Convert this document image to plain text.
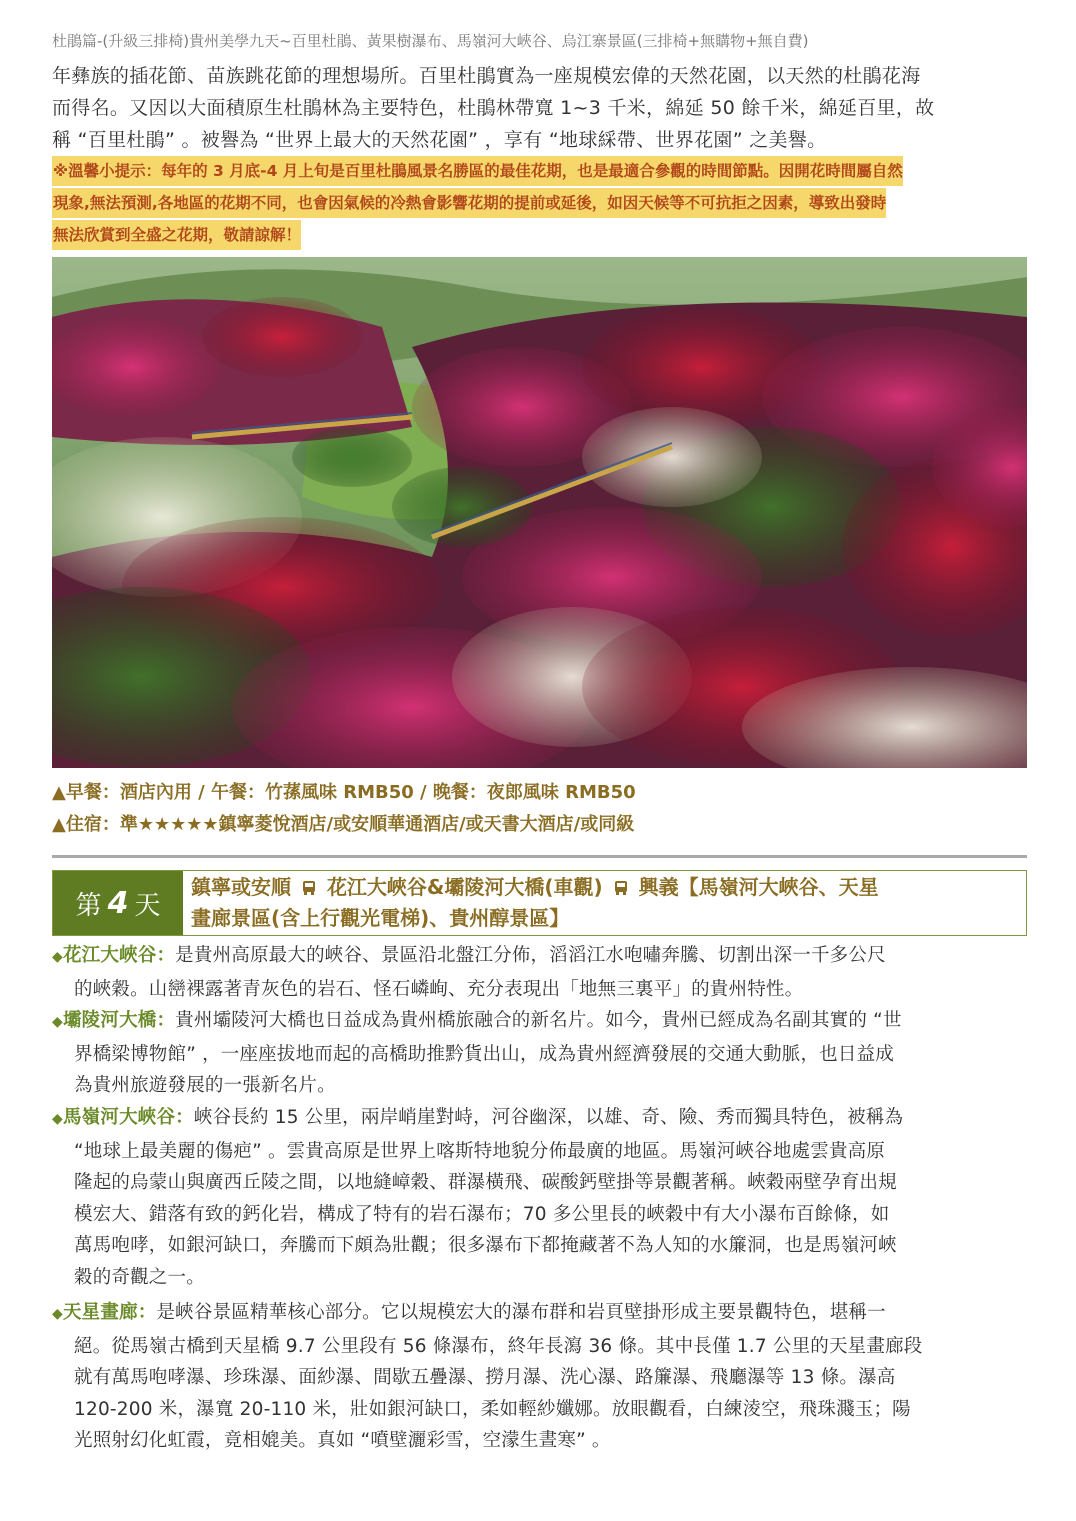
杜鵑篇-(升級三排椅)貴州美學九天~百里杜鵑、黃果樹瀑布、馬嶺河大峽谷、烏江寨景區(三排椅+無購物+無自費)
年彝族的插花節、苗族跳花節的理想場所。百里杜鵑實為一座規模宏偉的天然花園，以天然的杜鵑花海
而得名。又因以大面積原生杜鵑林為主要特色，杜鵑林帶寬 1~3 千米，綿延 50 餘千米，綿延百里，故
稱 “百里杜鵑” 。被譽為 “世界上最大的天然花園” ，享有 “地球綵帶、世界花園” 之美譽。
※溫馨小提示：每年的 3 月底-4 月上旬是百里杜鵑風景名勝區的最佳花期，也是最適合參觀的時間節點。因開花時間屬自然
現象,無法預測,各地區的花期不同，也會因氣候的冷熱會影響花期的提前或延後，如因天候等不可抗拒之因素，導致出發時
無法欣賞到全盛之花期，敬請諒解！
▲早餐：酒店內用 / 午餐：竹蓀風味 RMB50 / 晚餐：夜郎風味 RMB50
▲住宿：準★★★★★鎮寧菱悅酒店/或安順華通酒店/或天書大酒店/或同級
第 4 天
鎮寧或安順 花江大峽谷&壩陵河大橋(車觀) 興義【馬嶺河大峽谷、天星
畫廊景區(含上行觀光電梯)、貴州醇景區】
◆花江大峽谷：是貴州高原最大的峽谷、景區沿北盤江分佈，滔滔江水咆嘯奔騰、切割出深一千多公尺
的峽穀。山巒裸露著青灰色的岩石、怪石嶙峋、充分表現出「地無三裏平」的貴州特性。
◆壩陵河大橋：貴州壩陵河大橋也日益成為貴州橋旅融合的新名片。如今，貴州已經成為名副其實的 “世
界橋梁博物館” ，一座座拔地而起的高橋助推黔貨出山，成為貴州經濟發展的交通大動脈，也日益成
為貴州旅遊發展的一張新名片。
◆馬嶺河大峽谷：峽谷長約 15 公里，兩岸峭崖對峙，河谷幽深，以雄、奇、險、秀而獨具特色，被稱為
“地球上最美麗的傷疤” 。雲貴高原是世界上喀斯特地貌分佈最廣的地區。馬嶺河峽谷地處雲貴高原
隆起的烏蒙山與廣西丘陵之間，以地縫嶂穀、群瀑橫飛、碳酸鈣壁掛等景觀著稱。峽穀兩壁孕育出規
模宏大、錯落有致的鈣化岩，構成了特有的岩石瀑布；70 多公里長的峽穀中有大小瀑布百餘條，如
萬馬咆哮，如銀河缺口，奔騰而下頗為壯觀；很多瀑布下都掩藏著不為人知的水簾洞，也是馬嶺河峽
穀的奇觀之一。
◆天星畫廊：是峽谷景區精華核心部分。它以規模宏大的瀑布群和岩頁壁掛形成主要景觀特色，堪稱一
絕。從馬嶺古橋到天星橋 9.7 公里段有 56 條瀑布，終年長瀉 36 條。其中長僅 1.7 公里的天星畫廊段
就有萬馬咆哮瀑、珍珠瀑、面紗瀑、間歇五疊瀑、撈月瀑、洗心瀑、路簾瀑、飛廳瀑等 13 條。瀑高
120-200 米，瀑寬 20-110 米，壯如銀河缺口，柔如輕紗孅娜。放眼觀看，白練淩空，飛珠濺玉；陽
光照射幻化虹霞，竟相媲美。真如 “噴壁灑彩雪，空濛生晝寒” 。
